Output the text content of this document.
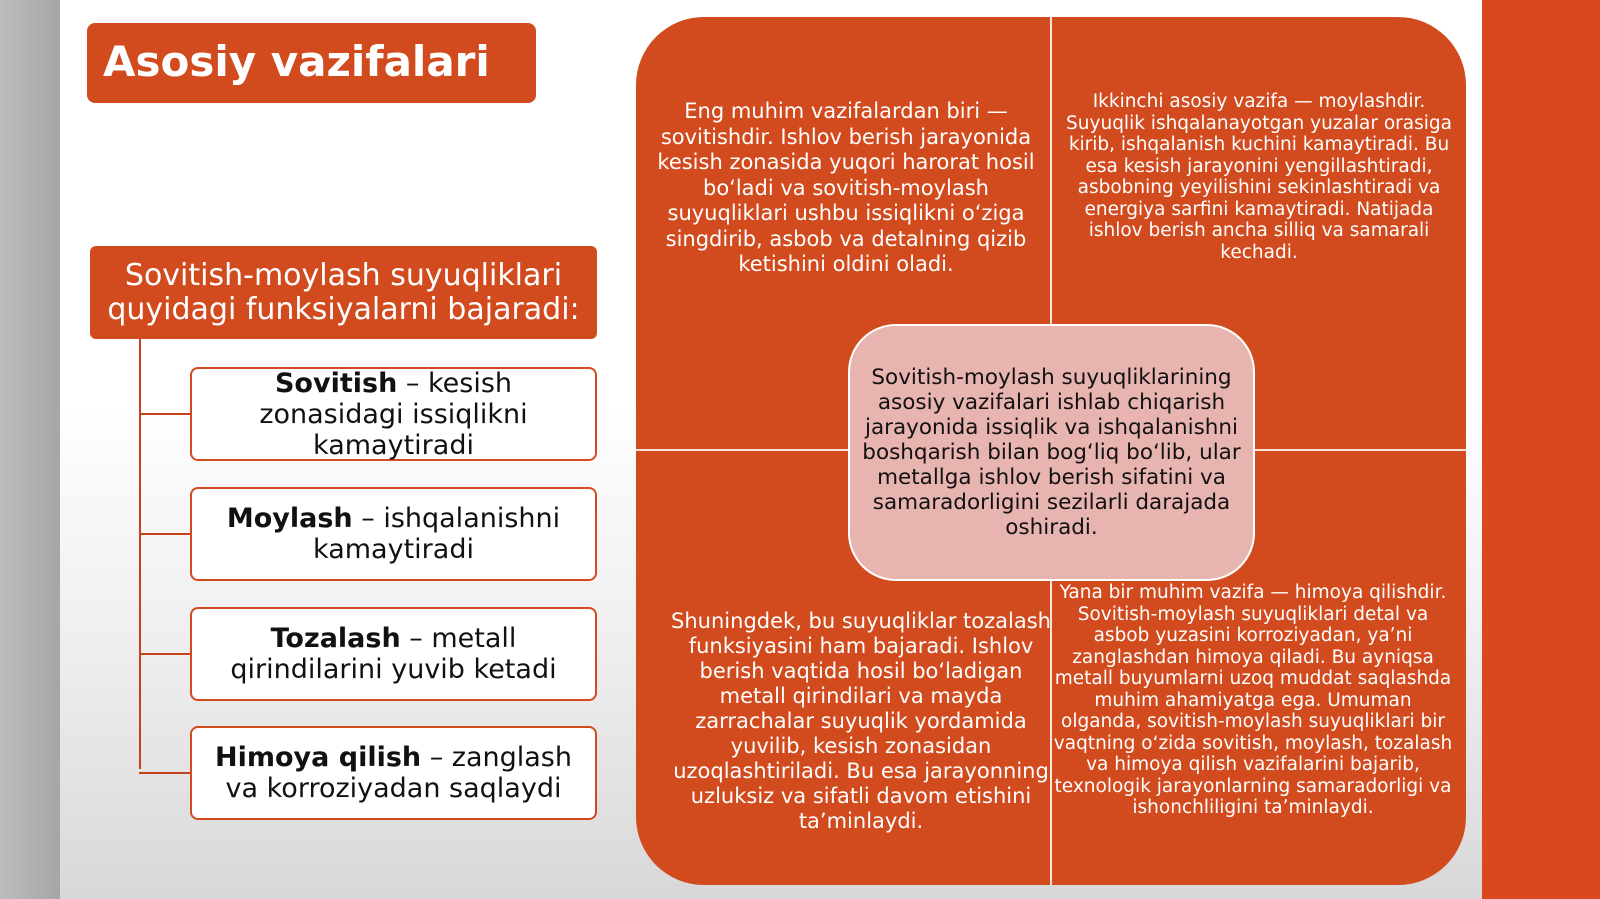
Asosiy vazifalari
Sovitish-moylash suyuqliklari quyidagi funksiyalarni bajaradi:
Sovitish – kesish zonasidagi issiqlikni kamaytiradi
Moylash – ishqalanishni kamaytiradi
Tozalash – metall qirindilarini yuvib ketadi
Himoya qilish – zanglash va korroziyadan saqlaydi
Eng muhim vazifalardan biri — sovitishdir. Ishlov berish jarayonida kesish zonasida yuqori harorat hosil boʻladi va sovitish-moylash suyuqliklari ushbu issiqlikni oʻziga singdirib, asbob va detalning qizib ketishini oldini oladi.
Ikkinchi asosiy vazifa — moylashdir. Suyuqlik ishqalanayotgan yuzalar orasiga kirib, ishqalanish kuchini kamaytiradi. Bu esa kesish jarayonini yengillashtiradi, asbobning yeyilishini sekinlashtiradi va energiya sarfini kamaytiradi. Natijada ishlov berish ancha silliq va samarali kechadi.
Shuningdek, bu suyuqliklar tozalash funksiyasini ham bajaradi. Ishlov berish vaqtida hosil boʻladigan metall qirindilari va mayda zarrachalar suyuqlik yordamida yuvilib, kesish zonasidan uzoqlashtiriladi. Bu esa jarayonning uzluksiz va sifatli davom etishini taʼminlaydi.
Yana bir muhim vazifa — himoya qilishdir. Sovitish-moylash suyuqliklari detal va asbob yuzasini korroziyadan, yaʼni zanglashdan himoya qiladi. Bu ayniqsa metall buyumlarni uzoq muddat saqlashda muhim ahamiyatga ega. Umuman olganda, sovitish-moylash suyuqliklari bir vaqtning oʻzida sovitish, moylash, tozalash va himoya qilish vazifalarini bajarib, texnologik jarayonlarning samaradorligi va ishonchliligini taʼminlaydi.
Sovitish-moylash suyuqliklarining asosiy vazifalari ishlab chiqarish jarayonida issiqlik va ishqalanishni boshqarish bilan bogʻliq boʻlib, ular metallga ishlov berish sifatini va samaradorligini sezilarli darajada oshiradi.
